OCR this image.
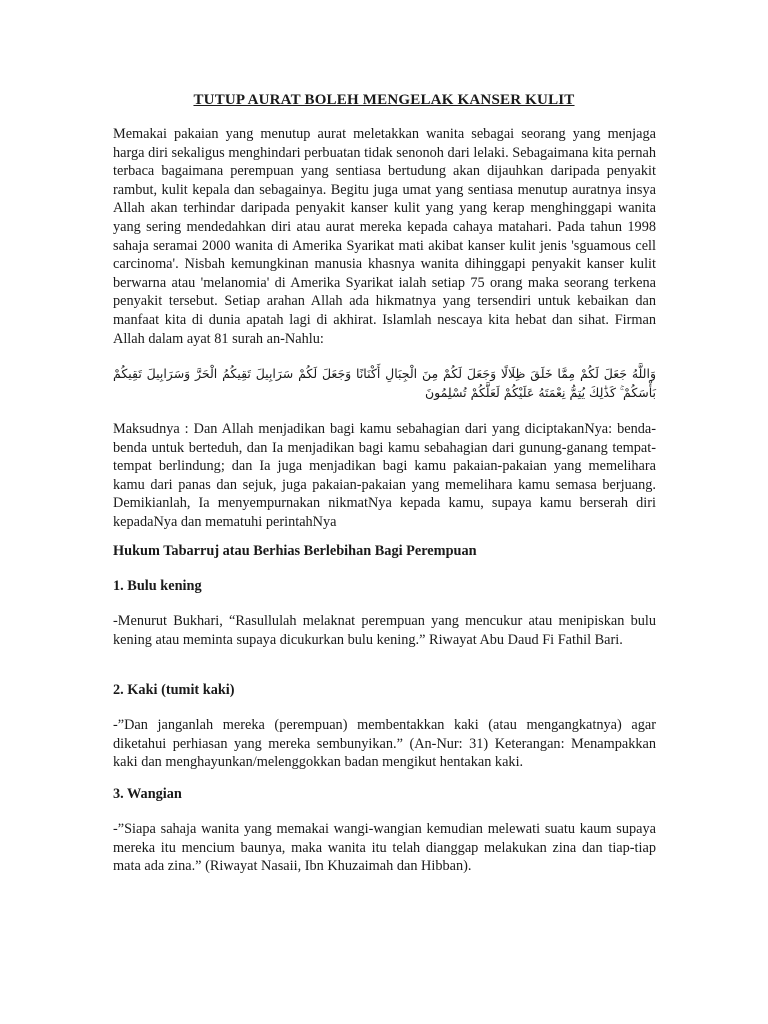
TUTUP AURAT BOLEH MENGELAK KANSER KULIT

Memakai pakaian yang menutup aurat meletakkan wanita sebagai seorang yang menjaga harga diri sekaligus menghindari perbuatan tidak senonoh dari lelaki. Sebagaimana kita pernah terbaca bagaimana perempuan yang sentiasa bertudung akan dijauhkan daripada penyakit rambut, kulit kepala dan sebagainya. Begitu juga umat yang sentiasa menutup auratnya insya Allah akan terhindar daripada penyakit kanser kulit yang yang kerap menghinggapi wanita yang sering mendedahkan diri atau aurat mereka kepada cahaya matahari. Pada tahun 1998 sahaja seramai 2000 wanita di Amerika Syarikat mati akibat kanser kulit jenis 'sguamous cell carcinoma'. Nisbah kemungkinan manusia khasnya wanita dihinggapi penyakit kanser kulit berwarna atau 'melanomia' di Amerika Syarikat ialah setiap 75 orang maka seorang terkena penyakit tersebut. Setiap arahan Allah ada hikmatnya yang tersendiri untuk kebaikan dan manfaat kita di dunia apatah lagi di akhirat. Islamlah nescaya kita hebat dan sihat. Firman Allah dalam ayat 81 surah an-Nahlu:

وَاللَّهُ جَعَلَ لَكُمْ مِمَّا خَلَقَ ظِلَالًا وَجَعَلَ لَكُمْ مِنَ الْجِبَالِ أَكْنَانًا وَجَعَلَ لَكُمْ سَرَابِيلَ تَقِيكُمُ الْحَرَّ وَسَرَابِيلَ تَقِيكُمْ بَأْسَكُمْ ۚ كَذَٰلِكَ يُتِمُّ نِعْمَتَهُ عَلَيْكُمْ لَعَلَّكُمْ تُسْلِمُونَ

Maksudnya : Dan Allah menjadikan bagi kamu sebahagian dari yang diciptakanNya: benda-benda untuk berteduh, dan Ia menjadikan bagi kamu sebahagian dari gunung-ganang tempat-tempat berlindung; dan Ia juga menjadikan bagi kamu pakaian-pakaian yang memelihara kamu dari panas dan sejuk, juga pakaian-pakaian yang memelihara kamu semasa berjuang. Demikianlah, Ia menyempurnakan nikmatNya kepada kamu, supaya kamu berserah diri kepadaNya dan mematuhi perintahNya

Hukum Tabarruj atau Berhias Berlebihan Bagi Perempuan

1. Bulu kening

-Menurut Bukhari, “Rasullulah melaknat perempuan yang mencukur atau menipiskan bulu kening atau meminta supaya dicukurkan bulu kening.” Riwayat Abu Daud Fi Fathil Bari.

2. Kaki (tumit kaki)

-”Dan janganlah mereka (perempuan) membentakkan kaki (atau mengangkatnya) agar diketahui perhiasan yang mereka sembunyikan.” (An-Nur: 31) Keterangan: Menampakkan kaki dan menghayunkan/melenggokkan badan mengikut hentakan kaki.

3. Wangian

-”Siapa sahaja wanita yang memakai wangi-wangian kemudian melewati suatu kaum supaya mereka itu mencium baunya, maka wanita itu telah dianggap melakukan zina dan tiap-tiap mata ada zina.” (Riwayat Nasaii, Ibn Khuzaimah dan Hibban).
